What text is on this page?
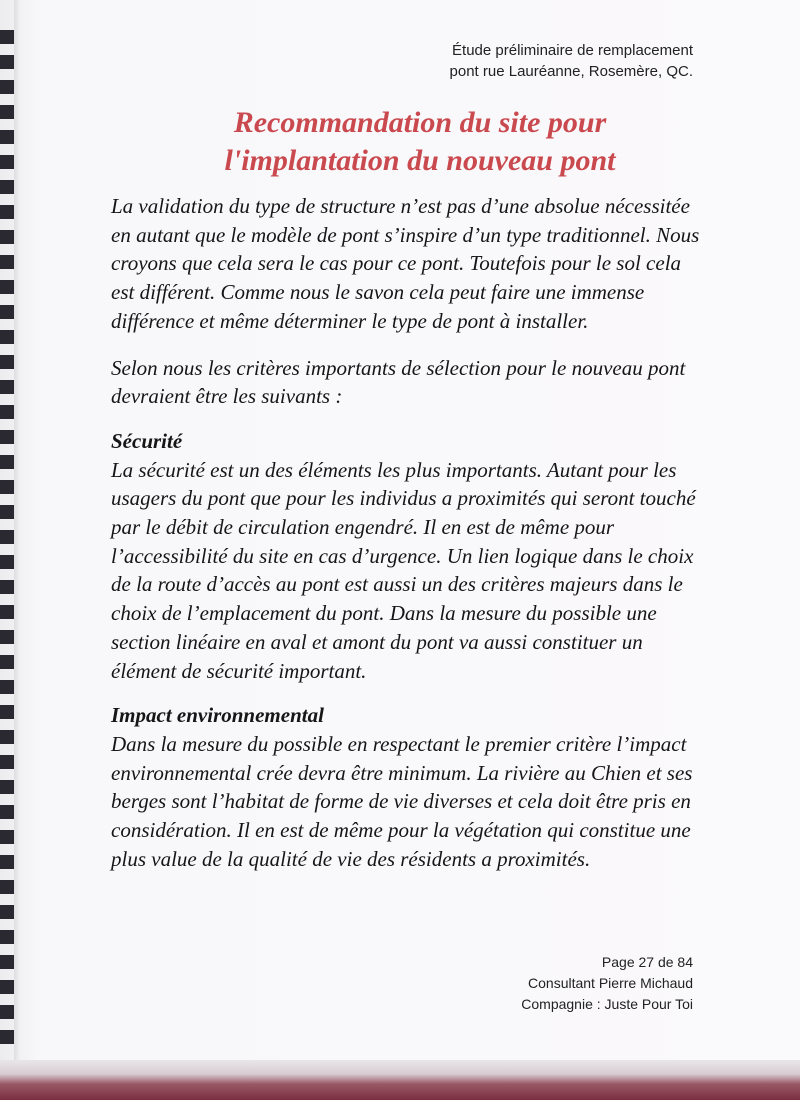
Étude préliminaire de remplacement
pont rue Lauréanne, Rosemère, QC.
Recommandation du site pour
l'implantation du nouveau pont

La validation du type de structure n’est pas d’une absolue nécessitée en autant que le modèle de pont s’inspire d’un type traditionnel. Nous croyons que cela sera le cas pour ce pont. Toutefois pour le sol cela est différent. Comme nous le savon cela peut faire une immense différence et même déterminer le type de pont à installer.

Selon nous les critères importants de sélection pour le nouveau pont devraient être les suivants :

Sécurité

La sécurité est un des éléments les plus importants. Autant pour les usagers du pont que pour les individus a proximités qui seront touché par le débit de circulation engendré. Il en est de même pour l’accessibilité du site en cas d’urgence. Un lien logique dans le choix de la route d’accès au pont est aussi un des critères majeurs dans le choix de l’emplacement du pont. Dans la mesure du possible une section linéaire en aval et amont du pont va aussi constituer un élément de sécurité important.

Impact environnemental

Dans la mesure du possible en respectant le premier critère l’impact environnemental crée devra être minimum. La rivière au Chien et ses berges sont l’habitat de forme de vie diverses et cela doit être pris en considération. Il en est de même pour la végétation qui constitue une plus value de la qualité de vie des résidents a proximités.

Page 27 de 84
Consultant Pierre Michaud
Compagnie : Juste Pour Toi
